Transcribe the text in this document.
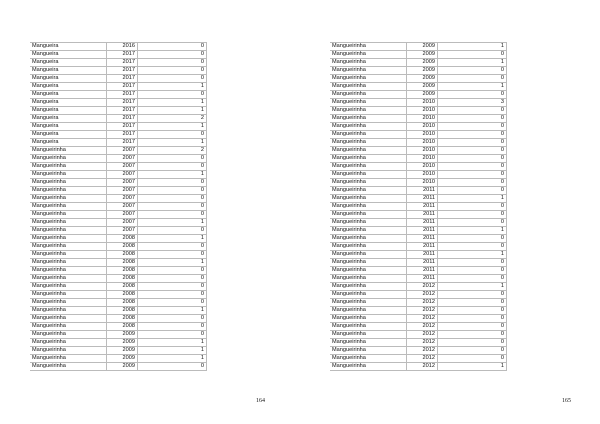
Mangueira	2016	0
Mangueira	2017	0
Mangueira	2017	0
Mangueira	2017	0
Mangueira	2017	0
Mangueira	2017	1
Mangueira	2017	0
Mangueira	2017	1
Mangueira	2017	1
Mangueira	2017	2
Mangueira	2017	1
Mangueira	2017	0
Mangueira	2017	1
Mangueirinha	2007	2
Mangueirinha	2007	0
Mangueirinha	2007	0
Mangueirinha	2007	1
Mangueirinha	2007	0
Mangueirinha	2007	0
Mangueirinha	2007	0
Mangueirinha	2007	0
Mangueirinha	2007	0
Mangueirinha	2007	1
Mangueirinha	2007	0
Mangueirinha	2008	1
Mangueirinha	2008	0
Mangueirinha	2008	0
Mangueirinha	2008	1
Mangueirinha	2008	0
Mangueirinha	2008	0
Mangueirinha	2008	0
Mangueirinha	2008	0
Mangueirinha	2008	0
Mangueirinha	2008	1
Mangueirinha	2008	0
Mangueirinha	2008	0
Mangueirinha	2009	0
Mangueirinha	2009	1
Mangueirinha	2009	1
Mangueirinha	2009	1
Mangueirinha	2009	0
164
Mangueirinha	2009	1
Mangueirinha	2009	0
Mangueirinha	2009	1
Mangueirinha	2009	0
Mangueirinha	2009	0
Mangueirinha	2009	1
Mangueirinha	2009	0
Mangueirinha	2010	3
Mangueirinha	2010	0
Mangueirinha	2010	0
Mangueirinha	2010	0
Mangueirinha	2010	0
Mangueirinha	2010	0
Mangueirinha	2010	0
Mangueirinha	2010	0
Mangueirinha	2010	0
Mangueirinha	2010	0
Mangueirinha	2010	0
Mangueirinha	2011	0
Mangueirinha	2011	1
Mangueirinha	2011	0
Mangueirinha	2011	0
Mangueirinha	2011	0
Mangueirinha	2011	1
Mangueirinha	2011	0
Mangueirinha	2011	0
Mangueirinha	2011	1
Mangueirinha	2011	0
Mangueirinha	2011	0
Mangueirinha	2011	0
Mangueirinha	2012	1
Mangueirinha	2012	0
Mangueirinha	2012	0
Mangueirinha	2012	0
Mangueirinha	2012	0
Mangueirinha	2012	0
Mangueirinha	2012	0
Mangueirinha	2012	0
Mangueirinha	2012	0
Mangueirinha	2012	0
Mangueirinha	2012	1
165
